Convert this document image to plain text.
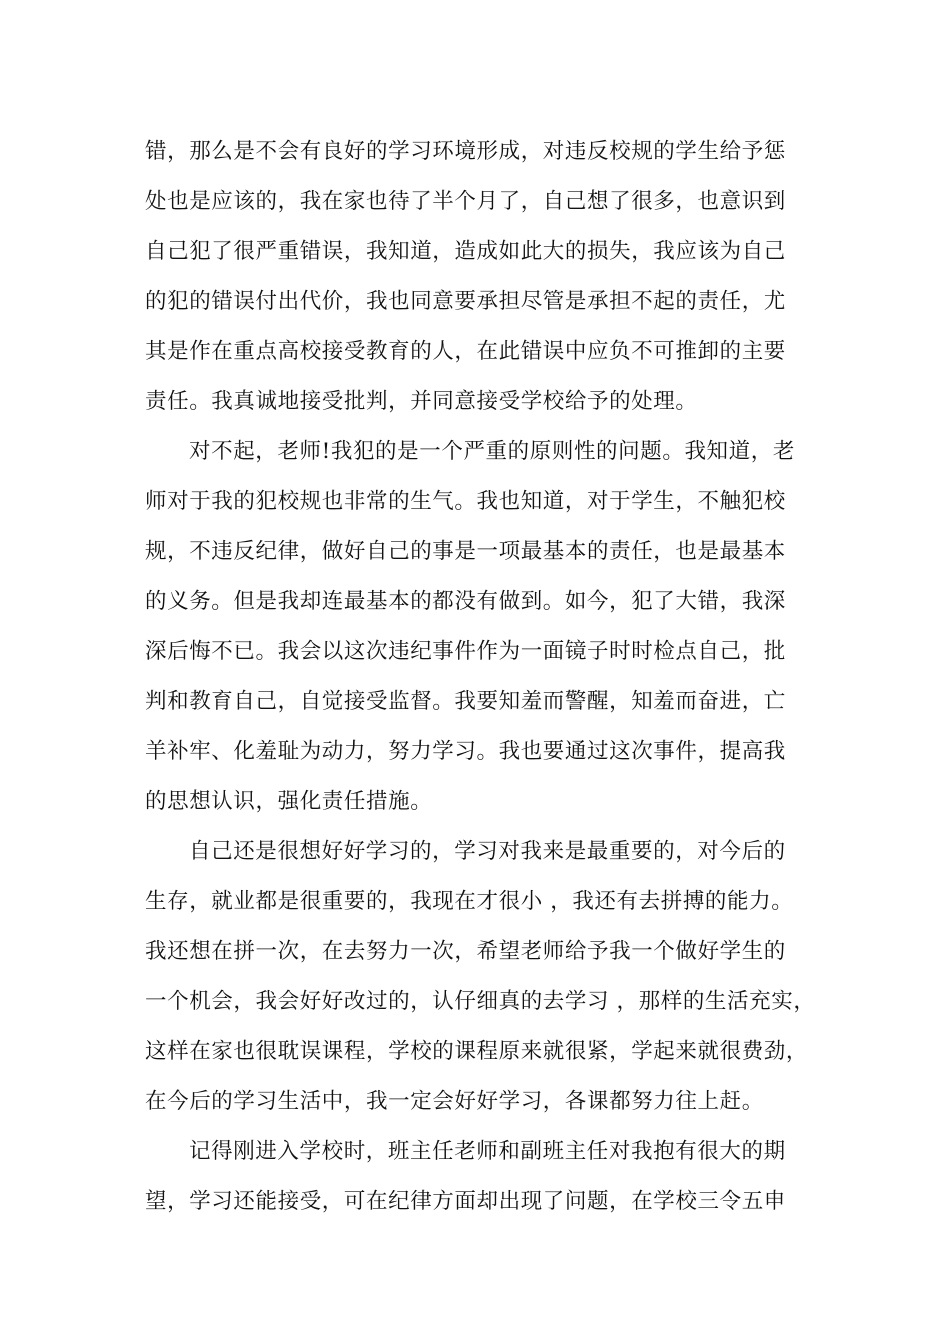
错，那么是不会有良好的学习环境形成，对违反校规的学生给予惩
处也是应该的，我在家也待了半个月了，自己想了很多，也意识到
自己犯了很严重错误，我知道，造成如此大的损失，我应该为自己
的犯的错误付出代价，我也同意要承担尽管是承担不起的责任，尤
其是作在重点高校接受教育的人，在此错误中应负不可推卸的主要
责任。我真诚地接受批判，并同意接受学校给予的处理。
对不起，老师!我犯的是一个严重的原则性的问题。我知道，老
师对于我的犯校规也非常的生气。我也知道，对于学生，不触犯校
规，不违反纪律，做好自己的事是一项最基本的责任，也是最基本
的义务。但是我却连最基本的都没有做到。如今，犯了大错，我深
深后悔不已。我会以这次违纪事件作为一面镜子时时检点自己，批
判和教育自己，自觉接受监督。我要知羞而警醒，知羞而奋进，亡
羊补牢、化羞耻为动力，努力学习。我也要通过这次事件，提高我
的思想认识，强化责任措施。
自己还是很想好好学习的，学习对我来是最重要的，对今后的
生存，就业都是很重要的，我现在才很小 ，我还有去拼搏的能力。
我还想在拼一次，在去努力一次，希望老师给予我一个做好学生的
一个机会，我会好好改过的，认仔细真的去学习 ，那样的生活充实，
这样在家也很耽误课程，学校的课程原来就很紧，学起来就很费劲，
在今后的学习生活中，我一定会好好学习，各课都努力往上赶。
记得刚进入学校时，班主任老师和副班主任对我抱有很大的期
望，学习还能接受，可在纪律方面却出现了问题，在学校三令五申
